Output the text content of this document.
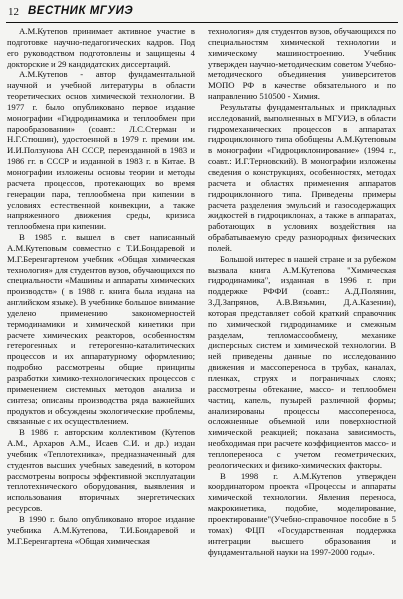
12 ВЕСТНИК МГУИЭ

А.М.Кутепов принимает активное участие в подготовке научно-педагогических кадров. Под его руководством подготовлены и защищены 4 докторские и 29 кандидатских диссертаций.

А.М.Кутепов - автор фундаментальной научной и учебной литературы в области теоретических основ химической технологии. В 1977 г. было опубликовано первое издание монографии «Гидродинамика и теплообмен при парообразовании» (соавт.: Л.С.Стерман и Н.Г.Стюшин), удостоенной в 1979 г. премии им. И.И.Ползунова АН СССР, переизданной в 1983 и 1986 гг. в СССР и изданной в 1983 г. в Китае. В монографии изложены основы теории и методы расчета процессов, протекающих во время генерации пара, теплообмена при кипении в условиях естественной конвекции, а также напряженного движения среды, кризиса теплообмена при кипении.

В 1985 г. вышел в свет написанный А.М.Кутеповым совместно с Т.И.Бондаревой и М.Г.Беренгартеном учебник «Общая химическая технология» для студентов вузов, обучающихся по специальности «Машины и аппараты химических производств» ( в 1988 г. книга была издана на английском языке). В учебнике большое внимание уделено применению закономерностей термодинамики и химической кинетики при расчете химических реакторов, особенностям гетерогенных и гетерогенно-каталитических процессов и их аппаратурному оформлению; подробно рассмотрены общие принципы разработки химико-технологических процессов с применением системных методов анализа и синтеза; описаны производства ряда важнейших продуктов и обсуждены экологические проблемы, связанные с их осуществлением.

В 1986 г. авторским коллективом (Кутепов А.М., Архаров А.М., Исаев С.И. и др.) издан учебник «Теплотехника», предназначенный для студентов высших учебных заведений, в котором рассмотрены вопросы эффективной эксплуатации теплотехнического оборудования, выявления и использования вторичных энергетических ресурсов.

В 1990 г. было опубликовано второе издание учебника А.М.Кутепова, Т.И.Бондаревой и М.Г.Беренгартена «Общая химическая

технология» для студентов вузов, обучающихся по специальностям химической технологии и химическому машиностроению. Учебник утвержден научно-методическим советом Учебно-методического объединения университетов МОПО РФ в качестве обязательного и по направлению 510500 - Химия.

Результаты фундаментальных и прикладных исследований, выполненных в МГУИЭ, в области гидромеханических процессов в аппаратах гидроциклонного типа обобщены А.М.Кутеповым в монографии «Гидроциклонирование» (1994 г., соавт.: И.Г.Терновский). В монографии изложены сведения о конструкциях, особенностях, методах расчета и областях применения аппаратов гидроциклонного типа. Приведены примеры расчета разделения эмульсий и газосодержащих жидкостей в гидроциклонах, а также в аппаратах, работающих в условиях воздействия на обрабатываемую среду разнородных физических полей.

Большой интерес в нашей стране и за рубежом вызвала книга А.М.Кутепова "Химическая гидродинамика", изданная в 1996 г. при поддержке РФФИ (соавт.: А.Д.Полянин, З.Д.Запрянов, А.В.Вязьмин, Д.А.Казенин), которая представляет собой краткий справочник по химической гидродинамике и смежным разделам, тепломассообмену, механике дисперсных систем и химической технологии. В ней приведены данные по исследованию движения и массопереноса в трубах, каналах, пленках, струях и пограничных слоях; рассмотрены обтекание, массо- и теплообмен частиц, капель, пузырей различной формы; анализированы процессы массопереноса, осложненные объемной или поверхностной химической реакцией; показана зависимость, необходимая при расчете коэффициентов массо- и теплопереноса с учетом геометрических, реологических и физико-химических факторы.

В 1998 г. А.М.Кутепов утвержден координатором проекта «Процессы и аппараты химической технологии. Явления переноса, макрокинетика, подобие, моделирование, проектирование"(Учебно-справочное пособие в 5 томах) ФЦП «Государственная поддержка интеграции высшего образования и фундаментальной науки на 1997-2000 годы».
